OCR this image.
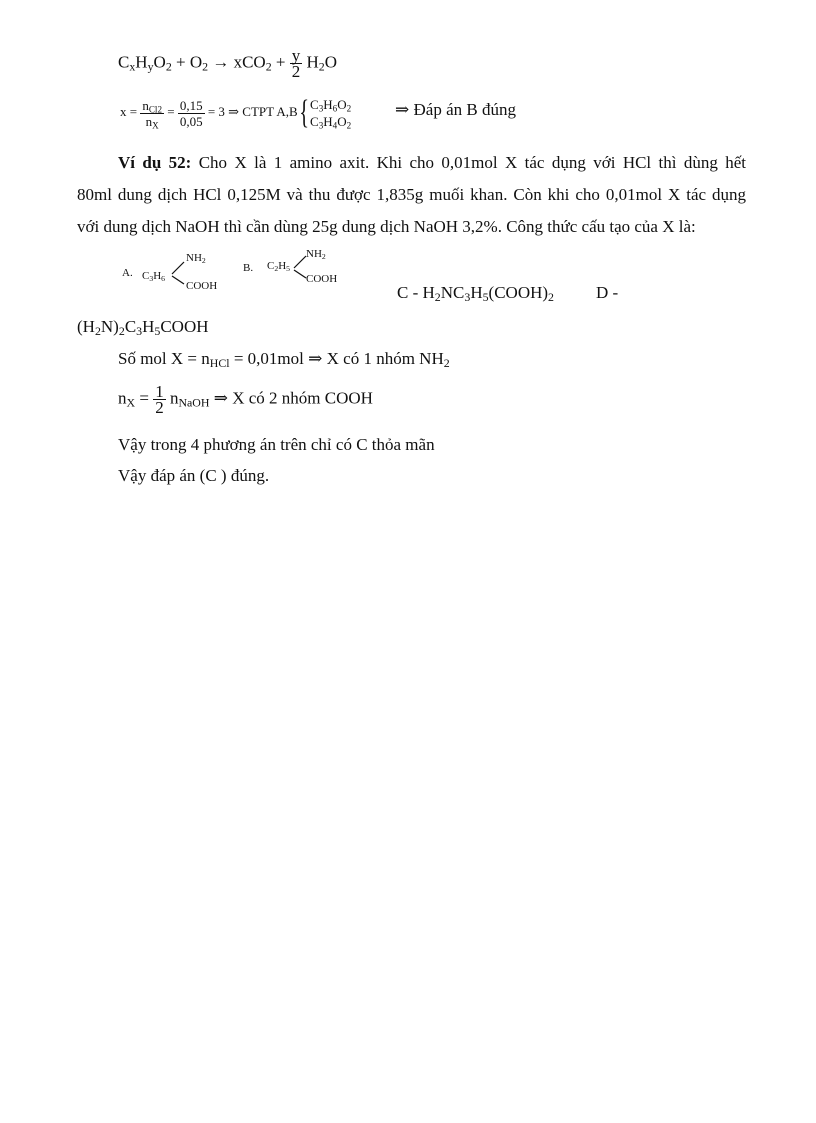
$C_xH_yO_2 + O_2 \to xCO_2 + \frac{y}{2} H_2O$
$x = \frac{n_{Cl2}}{n_X} = \frac{0,15}{0,05} = 3$ ⇒ CTPT A,B{ $C_3H_6O_2$
$C_3H_4O_2$
⇒ Đáp án B đúng
Ví dụ 52: Cho X là 1 amino axit. Khi cho 0,01mol X tác dụng với HCl thì dùng hết
80ml dung dịch HCl 0,125M và thu được 1,835g muối khan. Còn khi cho 0,01mol X tác dụng
với dung dịch NaOH thì cần dùng 25g dung dịch NaOH 3,2%. Công thức cấu tạo của X là:
A. $C_3H_6$
$NH_2$
COOH
B. $C_2H_5$
$NH_2$
COOH
C - $H_2NC_3H_5(COOH)_2$ D -
$(H_2N)_2C_3H_5COOH$
Số mol $X = n_{HCl} = 0,01mol$ ⇒ X có 1 nhóm $NH_2$
$n_X = \frac{1}{2} n_{NaOH}$ ⇒ X có 2 nhóm COOH
Vậy trong 4 phương án trên chỉ có C thỏa mãn
Vậy đáp án (C ) đúng.
